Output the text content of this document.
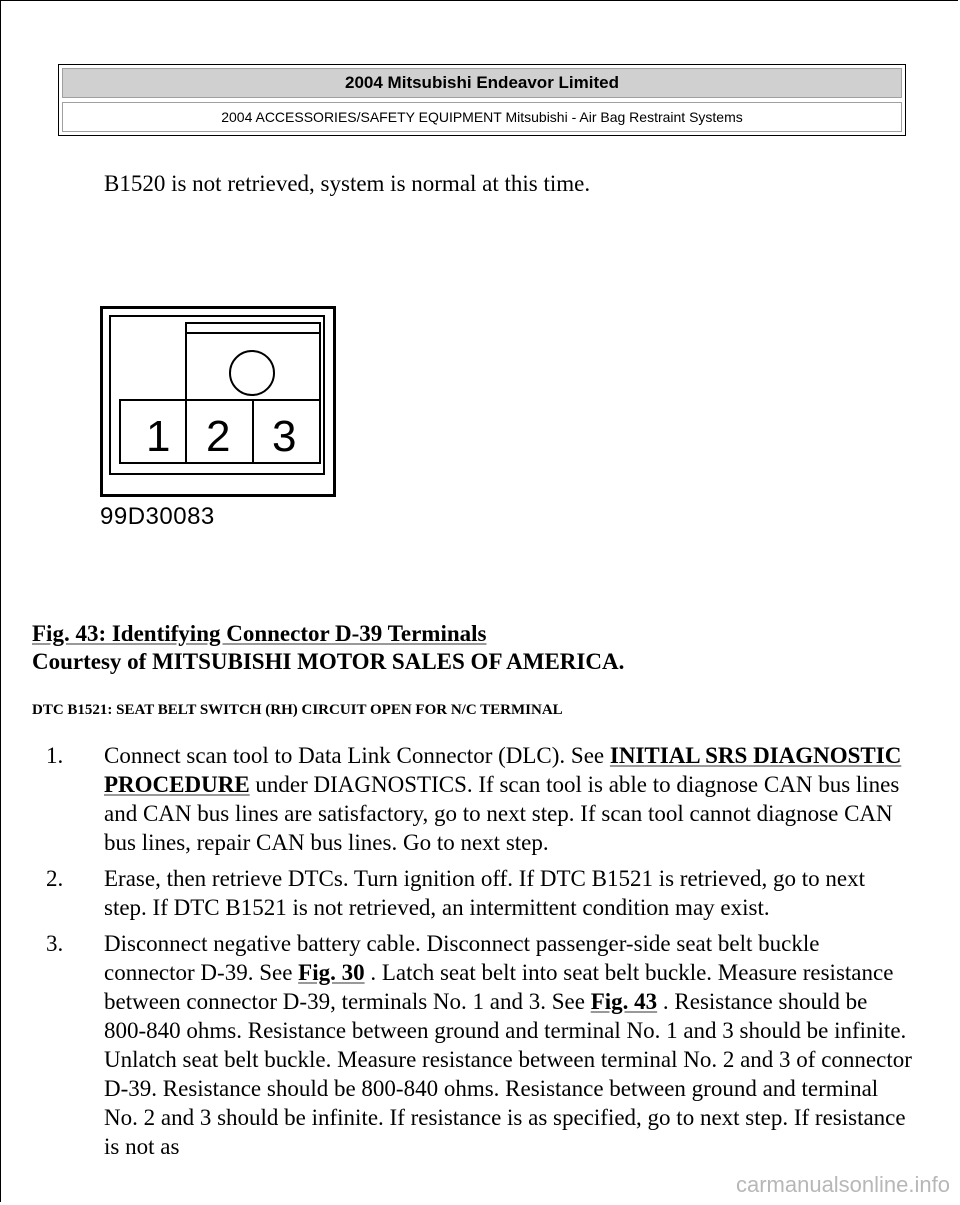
2004 Mitsubishi Endeavor Limited
2004 ACCESSORIES/SAFETY EQUIPMENT Mitsubishi - Air Bag Restraint Systems
B1520 is not retrieved, system is normal at this time.
1 2 3
99D30083
Fig. 43: Identifying Connector D-39 Terminals
Courtesy of MITSUBISHI MOTOR SALES OF AMERICA.
DTC B1521: SEAT BELT SWITCH (RH) CIRCUIT OPEN FOR N/C TERMINAL
1.	Connect scan tool to Data Link Connector (DLC). See INITIAL SRS DIAGNOSTIC PROCEDURE under DIAGNOSTICS. If scan tool is able to diagnose CAN bus lines and CAN bus lines are satisfactory, go to next step. If scan tool cannot diagnose CAN bus lines, repair CAN bus lines. Go to next step.
2.	Erase, then retrieve DTCs. Turn ignition off. If DTC B1521 is retrieved, go to next step. If DTC B1521 is not retrieved, an intermittent condition may exist.
3.	Disconnect negative battery cable. Disconnect passenger-side seat belt buckle connector D-39. See Fig. 30 . Latch seat belt into seat belt buckle. Measure resistance between connector D-39, terminals No. 1 and 3. See Fig. 43 . Resistance should be 800-840 ohms. Resistance between ground and terminal No. 1 and 3 should be infinite. Unlatch seat belt buckle. Measure resistance between terminal No. 2 and 3 of connector D-39. Resistance should be 800-840 ohms. Resistance between ground and terminal No. 2 and 3 should be infinite. If resistance is as specified, go to next step. If resistance is not as
carmanualsonline.info
